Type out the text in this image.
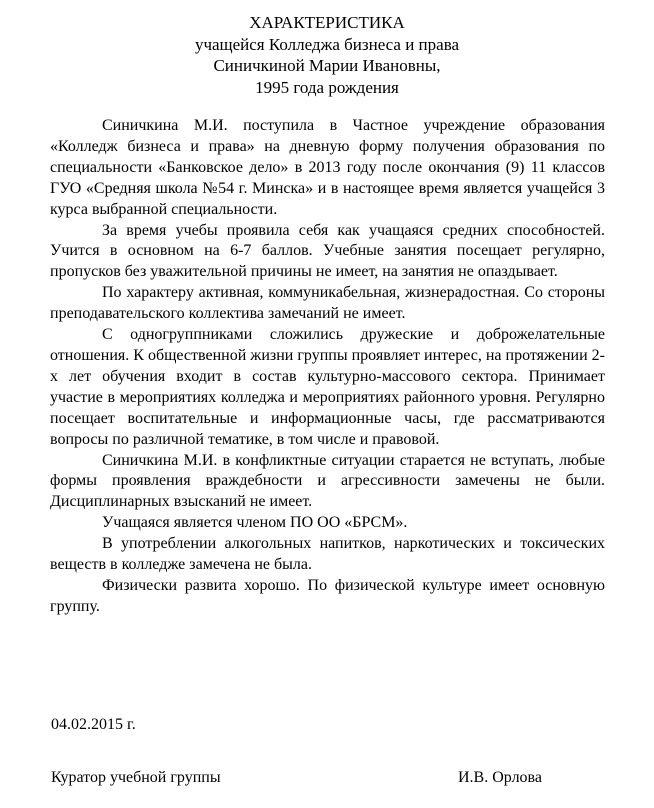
ХАРАКТЕРИСТИКА
учащейся Колледжа бизнеса и права
Синичкиной Марии Ивановны,
1995 года рождения

Синичкина М.И. поступила в Частное учреждение образования «Колледж бизнеса и права» на дневную форму получения образования по специальности «Банковское дело» в 2013 году после окончания (9) 11 классов ГУО «Средняя школа №54 г. Минска» и в настоящее время является учащейся 3 курса выбранной специальности.

За время учебы проявила себя как учащаяся средних способностей. Учится в основном на 6-7 баллов. Учебные занятия посещает регулярно, пропусков без уважительной причины не имеет, на занятия не опаздывает.

По характеру активная, коммуникабельная, жизнерадостная. Со стороны преподавательского коллектива замечаний не имеет.

С одногруппниками сложились дружеские и доброжелательные отношения. К общественной жизни группы проявляет интерес, на протяжении 2-х лет обучения входит в состав культурно-массового сектора. Принимает участие в мероприятиях колледжа и мероприятиях районного уровня. Регулярно посещает воспитательные и информационные часы, где рассматриваются вопросы по различной тематике, в том числе и правовой.

Синичкина М.И. в конфликтные ситуации старается не вступать, любые формы проявления враждебности и агрессивности замечены не были. Дисциплинарных взысканий не имеет.

Учащаяся является членом ПО ОО «БРСМ».

В употреблении алкогольных напитков, наркотических и токсических веществ в колледже замечена не была.

Физически развита хорошо. По физической культуре имеет основную группу.

04.02.2015 г.
Куратор учебной группы	И.В. Орлова
